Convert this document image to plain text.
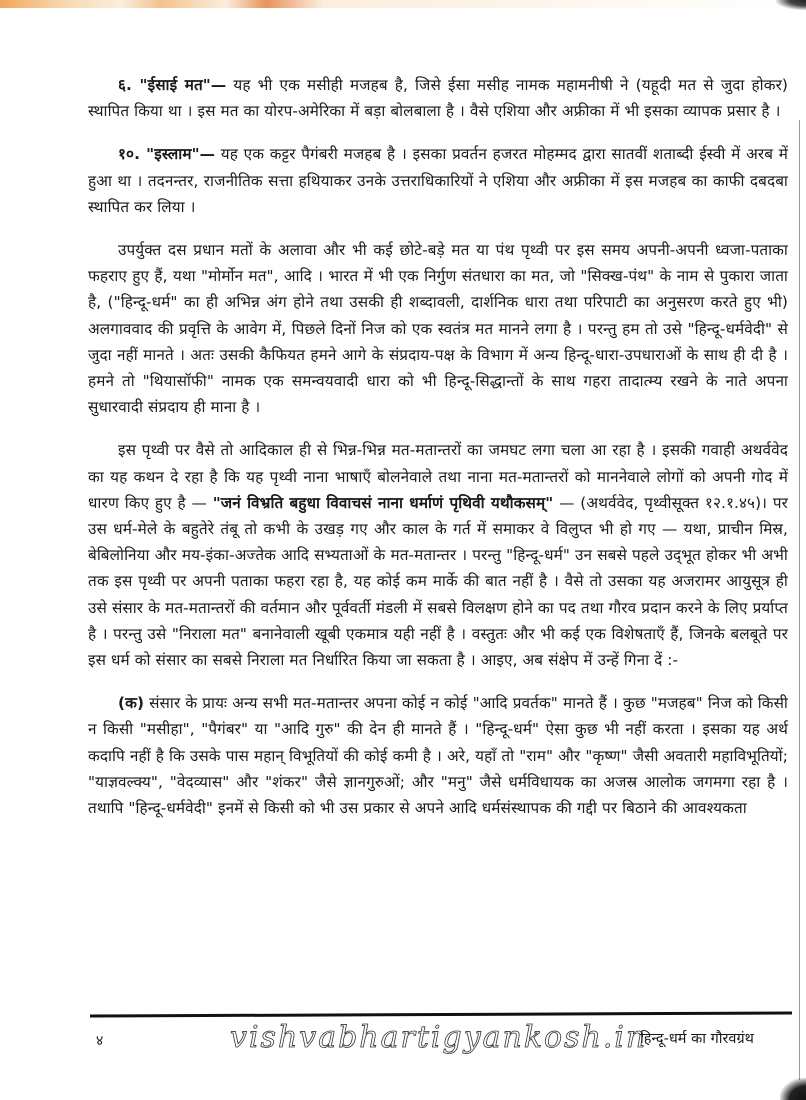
६. "ईसाई मत"— यह भी एक मसीही मजहब है, जिसे ईसा मसीह नामक महामनीषी ने (यहूदी मत से जुदा होकर) स्थापित किया था । इस मत का योरप-अमेरिका में बड़ा बोलबाला है । वैसे एशिया और अफ्रीका में भी इसका व्यापक प्रसार है ।

१०. "इस्लाम"— यह एक कट्टर पैगंबरी मजहब है । इसका प्रवर्तन हजरत मोहम्मद द्वारा सातवीं शताब्दी ईस्वी में अरब में हुआ था । तदनन्तर, राजनीतिक सत्ता हथियाकर उनके उत्तराधिकारियों ने एशिया और अफ्रीका में इस मजहब का काफी दबदबा स्थापित कर लिया ।

उपर्युक्त दस प्रधान मतों के अलावा और भी कई छोटे-बड़े मत या पंथ पृथ्वी पर इस समय अपनी-अपनी ध्वजा-पताका फहराए हुए हैं, यथा "मोर्मोन मत", आदि । भारत में भी एक निर्गुण संतधारा का मत, जो "सिक्ख-पंथ" के नाम से पुकारा जाता है, ("हिन्दू-धर्म" का ही अभिन्न अंग होने तथा उसकी ही शब्दावली, दार्शनिक धारा तथा परिपाटी का अनुसरण करते हुए भी) अलगाववाद की प्रवृत्ति के आवेग में, पिछले दिनों निज को एक स्वतंत्र मत मानने लगा है । परन्तु हम तो उसे "हिन्दू-धर्मवेदी" से जुदा नहीं मानते । अतः उसकी कैफियत हमने आगे के संप्रदाय-पक्ष के विभाग में अन्य हिन्दू-धारा-उपधाराओं के साथ ही दी है । हमने तो "थियासॉफी" नामक एक समन्वयवादी धारा को भी हिन्दू-सिद्धान्तों के साथ गहरा तादात्म्य रखने के नाते अपना सुधारवादी संप्रदाय ही माना है ।

इस पृथ्वी पर वैसे तो आदिकाल ही से भिन्न-भिन्न मत-मतान्तरों का जमघट लगा चला आ रहा है । इसकी गवाही अथर्ववेद का यह कथन दे रहा है कि यह पृथ्वी नाना भाषाएँ बोलनेवाले तथा नाना मत-मतान्तरों को माननेवाले लोगों को अपनी गोद में धारण किए हुए है — "जनं विभ्रति बहुधा विवाचसं नाना धर्माणं पृथिवी यथौकसम्" — (अथर्ववेद, पृथ्वीसूक्त १२.१.४५)। पर उस धर्म-मेले के बहुतेरे तंबू तो कभी के उखड़ गए और काल के गर्त में समाकर वे विलुप्त भी हो गए — यथा, प्राचीन मिस्र, बेबिलोनिया और मय-इंका-अज्तेक आदि सभ्यताओं के मत-मतान्तर । परन्तु "हिन्दू-धर्म" उन सबसे पहले उद्‌भूत होकर भी अभी तक इस पृथ्वी पर अपनी पताका फहरा रहा है, यह कोई कम मार्के की बात नहीं है । वैसे तो उसका यह अजरामर आयुसूत्र ही उसे संसार के मत-मतान्तरों की वर्तमान और पूर्ववर्ती मंडली में सबसे विलक्षण होने का पद तथा गौरव प्रदान करने के लिए प्रर्याप्त है । परन्तु उसे "निराला मत" बनानेवाली खूबी एकमात्र यही नहीं है । वस्तुतः और भी कई एक विशेषताएँ हैं, जिनके बलबूते पर इस धर्म को संसार का सबसे निराला मत निर्धारित किया जा सकता है । आइए, अब संक्षेप में उन्हें गिना दें :-

(क) संसार के प्रायः अन्य सभी मत-मतान्तर अपना कोई न कोई "आदि प्रवर्तक" मानते हैं । कुछ "मजहब" निज को किसी न किसी "मसीहा", "पैगंबर" या "आदि गुरु" की देन ही मानते हैं । "हिन्दू-धर्म" ऐसा कुछ भी नहीं करता । इसका यह अर्थ कदापि नहीं है कि उसके पास महान् विभूतियों की कोई कमी है । अरे, यहाँ तो "राम" और "कृष्ण" जैसी अवतारी महाविभूतियों; "याज्ञवल्क्य", "वेदव्यास" और "शंकर" जैसे ज्ञानगुरुओं; और "मनु" जैसे धर्मविधायक का अजस्र आलोक जगमगा रहा है । तथापि "हिन्दू-धर्मवेदी" इनमें से किसी को भी उस प्रकार से अपने आदि धर्मसंस्थापक की गद्दी पर बिठाने की आवश्यकता

४	vishvabhartigyankosh.in
हिन्दू-धर्म का गौरवग्रंथ
